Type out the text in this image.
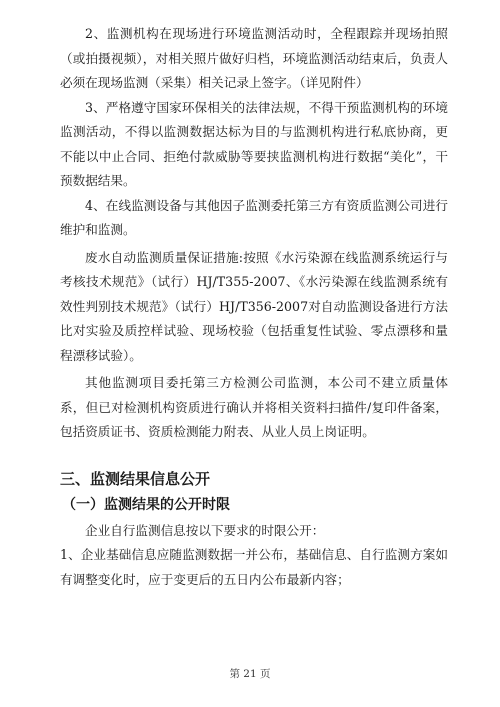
2、监测机构在现场进行环境监测活动时，全程跟踪并现场拍照（或拍摄视频），对相关照片做好归档，环境监测活动结束后，负责人必须在现场监测（采集）相关记录上签字。（详见附件）

3、严格遵守国家环保相关的法律法规，不得干预监测机构的环境监测活动，不得以监测数据达标为目的与监测机构进行私底协商，更不能以中止合同、拒绝付款威胁等要挟监测机构进行数据“美化”，干预数据结果。

4、在线监测设备与其他因子监测委托第三方有资质监测公司进行维护和监测。

废水自动监测质量保证措施:按照《水污染源在线监测系统运行与考核技术规范》（试行）HJ/T355-2007、《水污染源在线监测系统有效性判别技术规范》（试行）HJ/T356-2007对自动监测设备进行方法比对实验及质控样试验、现场校验（包括重复性试验、零点漂移和量程漂移试验）。

其他监测项目委托第三方检测公司监测，本公司不建立质量体系，但已对检测机构资质进行确认并将相关资料扫描件/复印件备案，包括资质证书、资质检测能力附表、从业人员上岗证明。

三、监测结果信息公开
（一）监测结果的公开时限

企业自行监测信息按以下要求的时限公开：

1、企业基础信息应随监测数据一并公布，基础信息、自行监测方案如有调整变化时，应于变更后的五日内公布最新内容；

第 21 页
